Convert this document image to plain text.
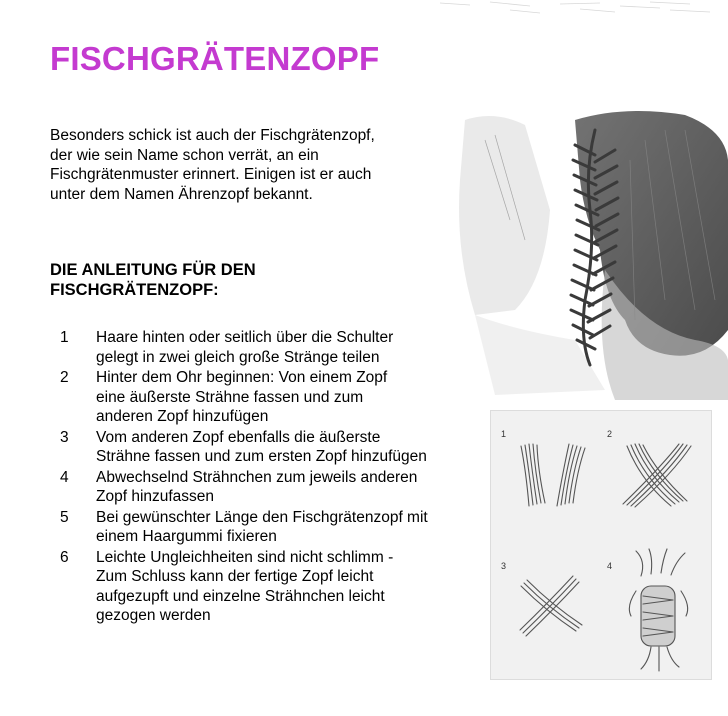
FISCHGRÄTENZOPF

Besonders schick ist auch der Fischgrätenzopf,
der wie sein Name schon verrät, an ein
Fischgrätenmuster erinnert. Einigen ist er auch
unter dem Namen Ährenzopf bekannt.

DIE ANLEITUNG FÜR DEN
FISCHGRÄTENZOPF:
1	Haare hinten oder seitlich über die Schulter
gelegt in zwei gleich große Stränge teilen
2	Hinter dem Ohr beginnen: Von einem Zopf
eine äußerste Strähne fassen und zum
anderen Zopf hinzufügen
3	Vom anderen Zopf ebenfalls die äußerste
Strähne fassen und zum ersten Zopf hinzufügen
4	Abwechselnd Strähnchen zum jeweils anderen
Zopf hinzufassen
5	Bei gewünschter Länge den Fischgrätenzopf mit
einem Haargummi fixieren
6	Leichte Ungleichheiten sind nicht schlimm -
Zum Schluss kann der fertige Zopf leicht
aufgezupft und einzelne Strähnchen leicht
gezogen werden
1	2
3	4
